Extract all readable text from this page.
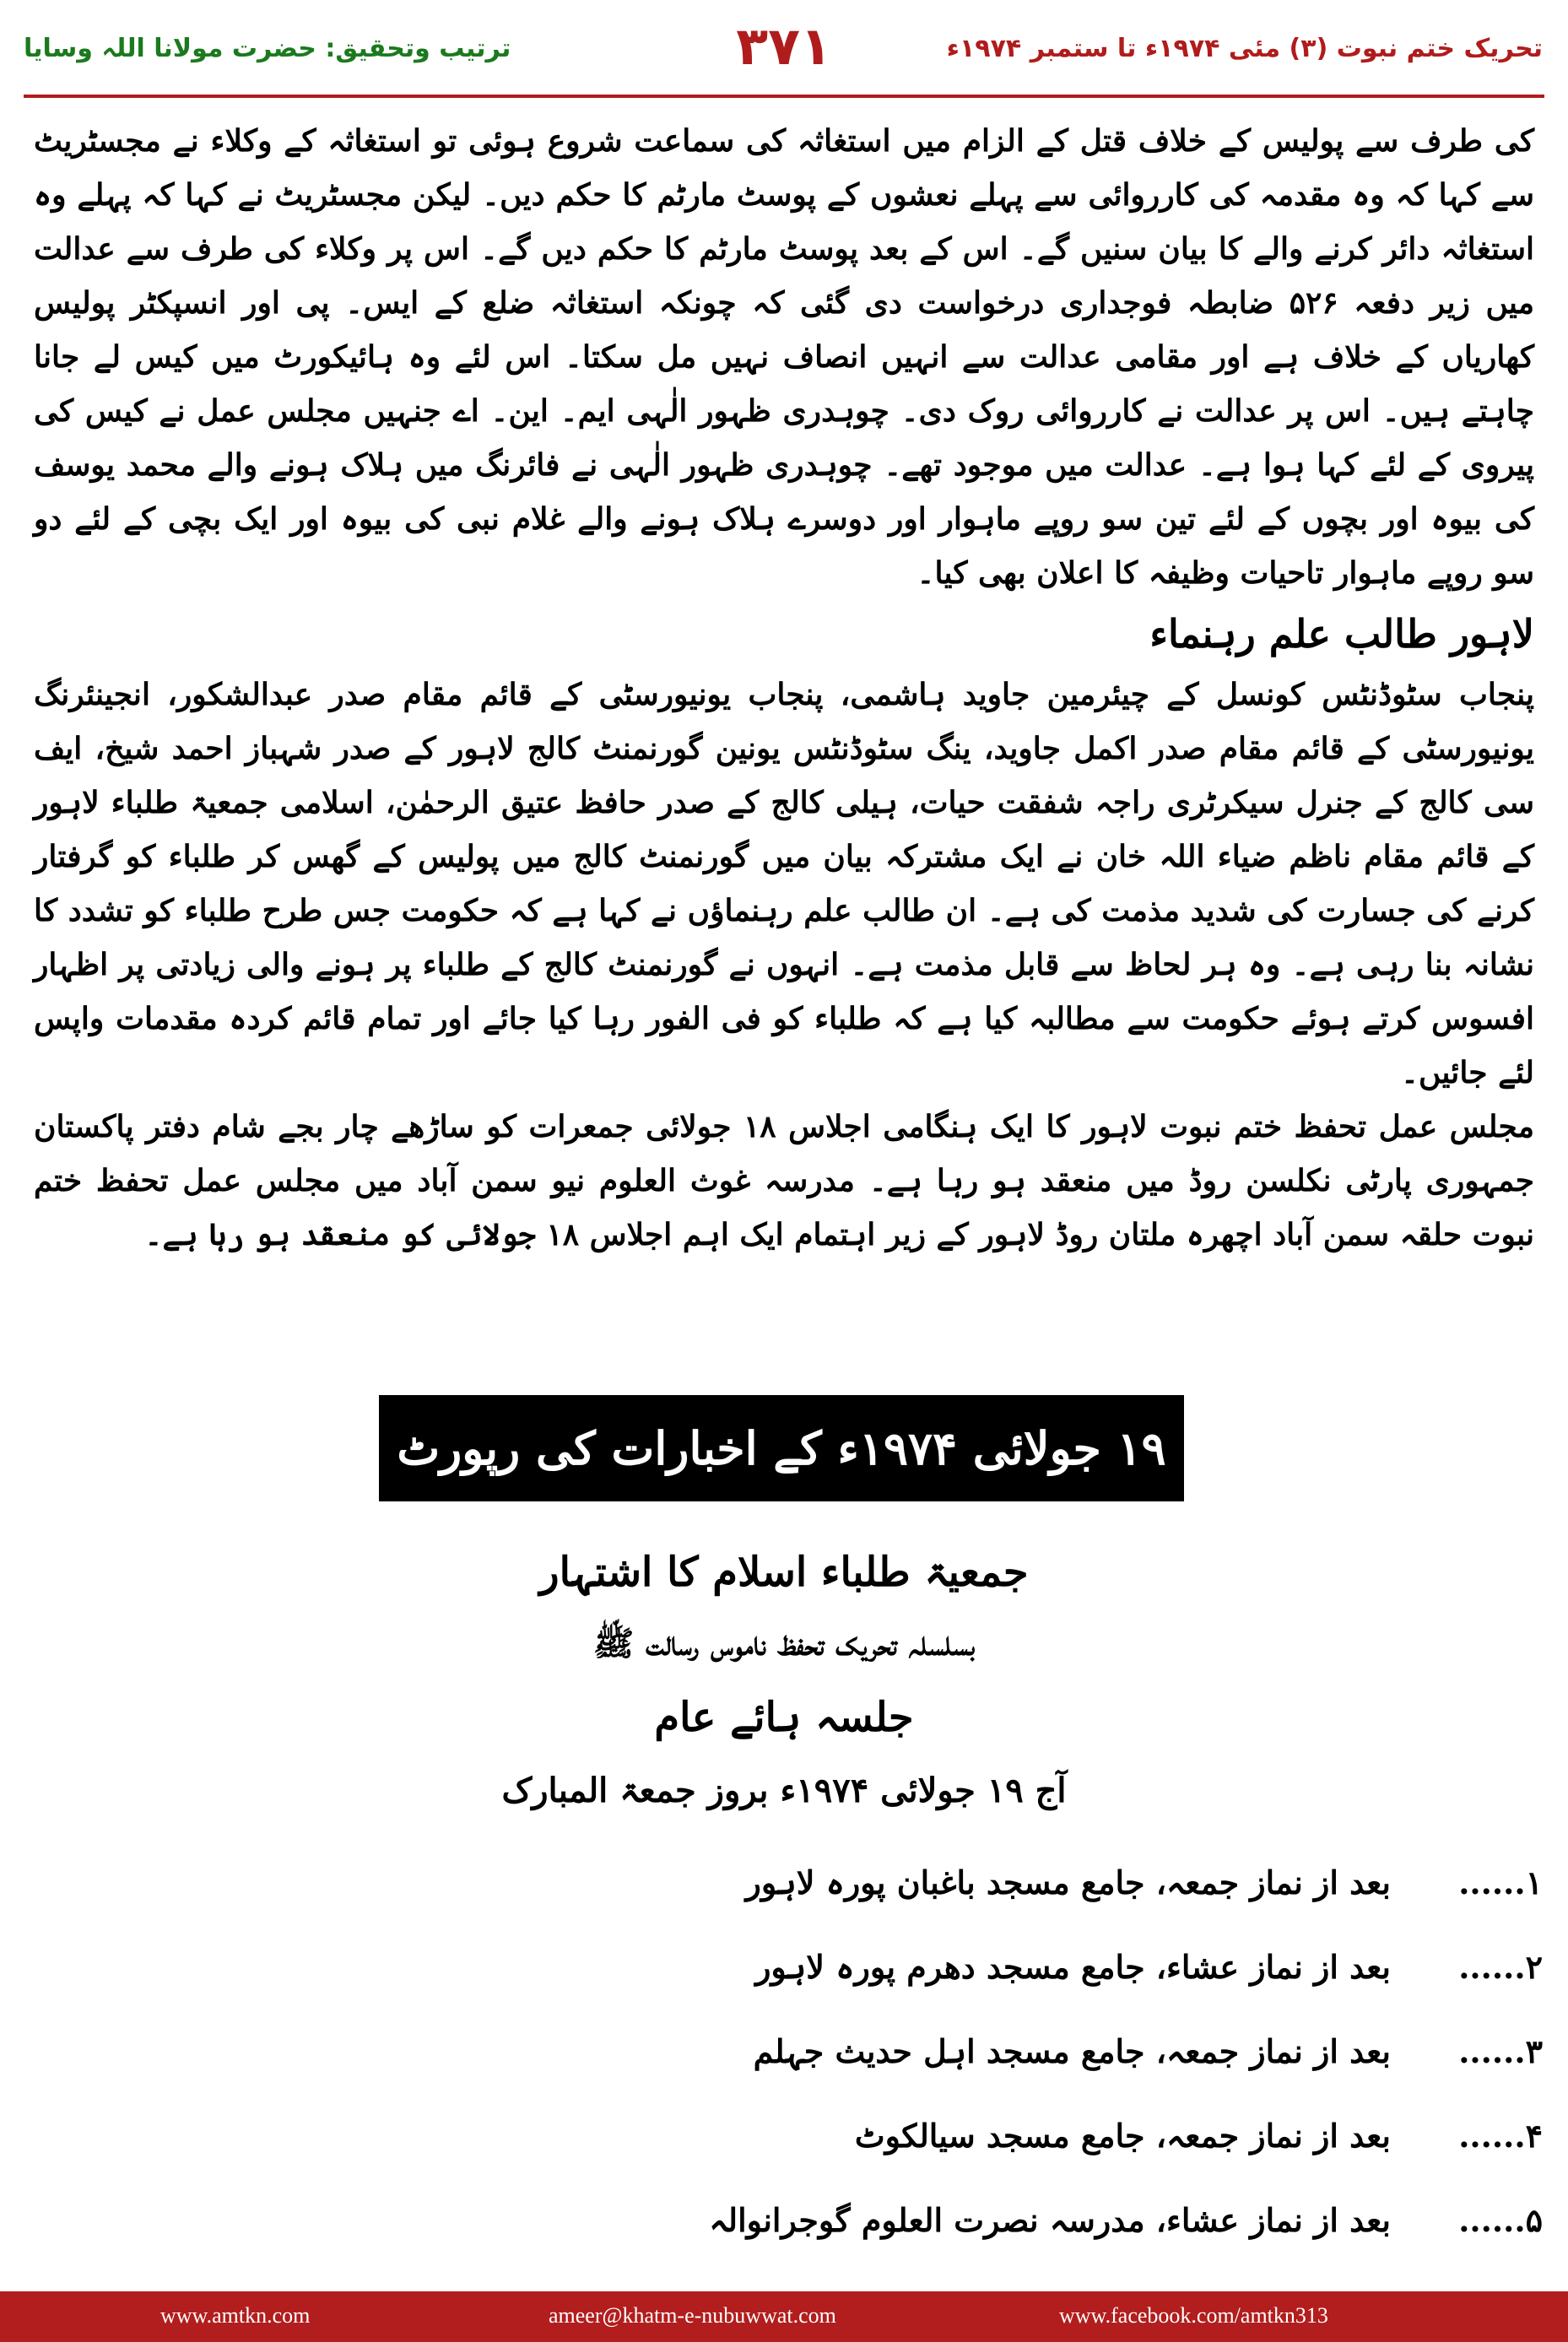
ترتیب وتحقیق: حضرت مولانا اللہ وسایا	۳۷۱	تحریک ختم نبوت (۳) مئی ۱۹۷۴ء تا ستمبر ۱۹۷۴ء

کی طرف سے پولیس کے خلاف قتل کے الزام میں استغاثہ کی سماعت شروع ہوئی تو استغاثہ کے وکلاء نے مجسٹریٹ سے کہا کہ وہ مقدمہ کی کارروائی سے پہلے نعشوں کے پوسٹ مارٹم کا حکم دیں۔ لیکن مجسٹریٹ نے کہا کہ پہلے وہ استغاثہ دائر کرنے والے کا بیان سنیں گے۔ اس کے بعد پوسٹ مارٹم کا حکم دیں گے۔ اس پر وکلاء کی طرف سے عدالت میں زیر دفعہ ۵۲۶ ضابطہ فوجداری درخواست دی گئی کہ چونکہ استغاثہ ضلع کے ایس۔ پی اور انسپکٹر پولیس کھاریاں کے خلاف ہے اور مقامی عدالت سے انہیں انصاف نہیں مل سکتا۔ اس لئے وہ ہائیکورٹ میں کیس لے جانا چاہتے ہیں۔ اس پر عدالت نے کارروائی روک دی۔ چوہدری ظہور الٰہی ایم۔ این۔ اے جنہیں مجلس عمل نے کیس کی پیروی کے لئے کہا ہوا ہے۔ عدالت میں موجود تھے۔ چوہدری ظہور الٰہی نے فائرنگ میں ہلاک ہونے والے محمد یوسف کی بیوہ اور بچوں کے لئے تین سو روپے ماہوار اور دوسرے ہلاک ہونے والے غلام نبی کی بیوہ اور ایک بچی کے لئے دو سو روپے ماہوار تاحیات وظیفہ کا اعلان بھی کیا۔

لاہور طالب علم رہنماء

پنجاب سٹوڈنٹس کونسل کے چیئرمین جاوید ہاشمی، پنجاب یونیورسٹی کے قائم مقام صدر عبدالشکور، انجینئرنگ یونیورسٹی کے قائم مقام صدر اکمل جاوید، ینگ سٹوڈنٹس یونین گورنمنٹ کالج لاہور کے صدر شہباز احمد شیخ، ایف سی کالج کے جنرل سیکرٹری راجہ شفقت حیات، ہیلی کالج کے صدر حافظ عتیق الرحمٰن، اسلامی جمعیۃ طلباء لاہور کے قائم مقام ناظم ضیاء اللہ خان نے ایک مشترکہ بیان میں گورنمنٹ کالج میں پولیس کے گھس کر طلباء کو گرفتار کرنے کی جسارت کی شدید مذمت کی ہے۔ ان طالب علم رہنماؤں نے کہا ہے کہ حکومت جس طرح طلباء کو تشدد کا نشانہ بنا رہی ہے۔ وہ ہر لحاظ سے قابل مذمت ہے۔ انہوں نے گورنمنٹ کالج کے طلباء پر ہونے والی زیادتی پر اظہار افسوس کرتے ہوئے حکومت سے مطالبہ کیا ہے کہ طلباء کو فی الفور رہا کیا جائے اور تمام قائم کردہ مقدمات واپس لئے جائیں۔

مجلس عمل تحفظ ختم نبوت لاہور کا ایک ہنگامی اجلاس ۱۸ جولائی جمعرات کو ساڑھے چار بجے شام دفتر پاکستان جمہوری پارٹی نکلسن روڈ میں منعقد ہو رہا ہے۔ مدرسہ غوث العلوم نیو سمن آباد میں مجلس عمل تحفظ ختم نبوت حلقہ سمن آباد اچھرہ ملتان روڈ لاہور کے زیر اہتمام ایک اہم اجلاس ۱۸ جولائی کو منعقد ہو رہا ہے۔

۱۹ جولائی ۱۹۷۴ء کے اخبارات کی رپورٹ
جمعیۃ طلباء اسلام کا اشتہار
بسلسلہ تحریک تحفظ ناموس رسالت ﷺ
جلسہ ہائے عام
آج ۱۹ جولائی ۱۹۷۴ء بروز جمعۃ المبارک
۱......
بعد از نماز جمعہ، جامع مسجد باغبان پورہ لاہور
۲......
بعد از نماز عشاء، جامع مسجد دھرم پورہ لاہور
۳......
بعد از نماز جمعہ، جامع مسجد اہل حدیث جہلم
۴......
بعد از نماز جمعہ، جامع مسجد سیالکوٹ
۵......
بعد از نماز عشاء، مدرسہ نصرت العلوم گوجرانوالہ
www.amtkn.com	ameer@khatm-e-nubuwwat.com	www.facebook.com/amtkn313
